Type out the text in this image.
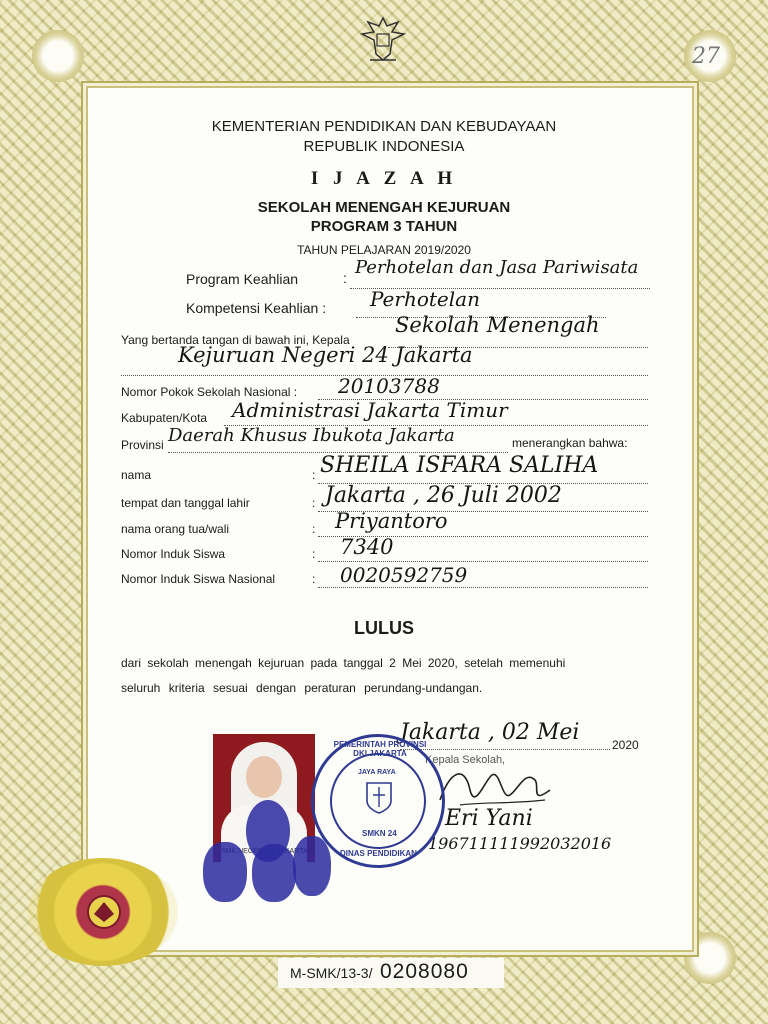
27
KEMENTERIAN PENDIDIKAN DAN KEBUDAYAAN
REPUBLIK INDONESIA
I J A Z A H
SEKOLAH MENENGAH KEJURUAN
PROGRAM 3 TAHUN
TAHUN PELAJARAN 2019/2020
Program Keahlian	: Perhotelan dan Jasa Pariwisata
Kompetensi Keahlian : Perhotelan
Yang bertanda tangan di bawah ini, Kepala
Sekolah Menengah
Kejuruan Negeri 24 Jakarta
Nomor Pokok Sekolah Nasional : 20103788
Kabupaten/Kota Administrasi Jakarta Timur
Provinsi Daerah Khusus Ibukota Jakarta	menerangkan bahwa:
nama	: SHEILA ISFARA SALIHA
tempat dan tanggal lahir	: Jakarta , 26 Juli 2002
nama orang tua/wali	: Priyantoro
Nomor Induk Siswa	: 7340
Nomor Induk Siswa Nasional	: 0020592759
LULUS
dari sekolah menengah kejuruan pada tanggal 2 Mei 2020, setelah memenuhi
seluruh kriteria sesuai dengan peraturan perundang-undangan.
Jakarta , 02 Mei	2020
Kepala Sekolah,
Eri Yani
196711111992032016
JAKARTA
PEMERINTAH PROVINSI DKI JAKARTA
JAYA RAYA
SMKN 24
DINAS PENDIDIKAN
M-SMK/13-3/ 0208080
